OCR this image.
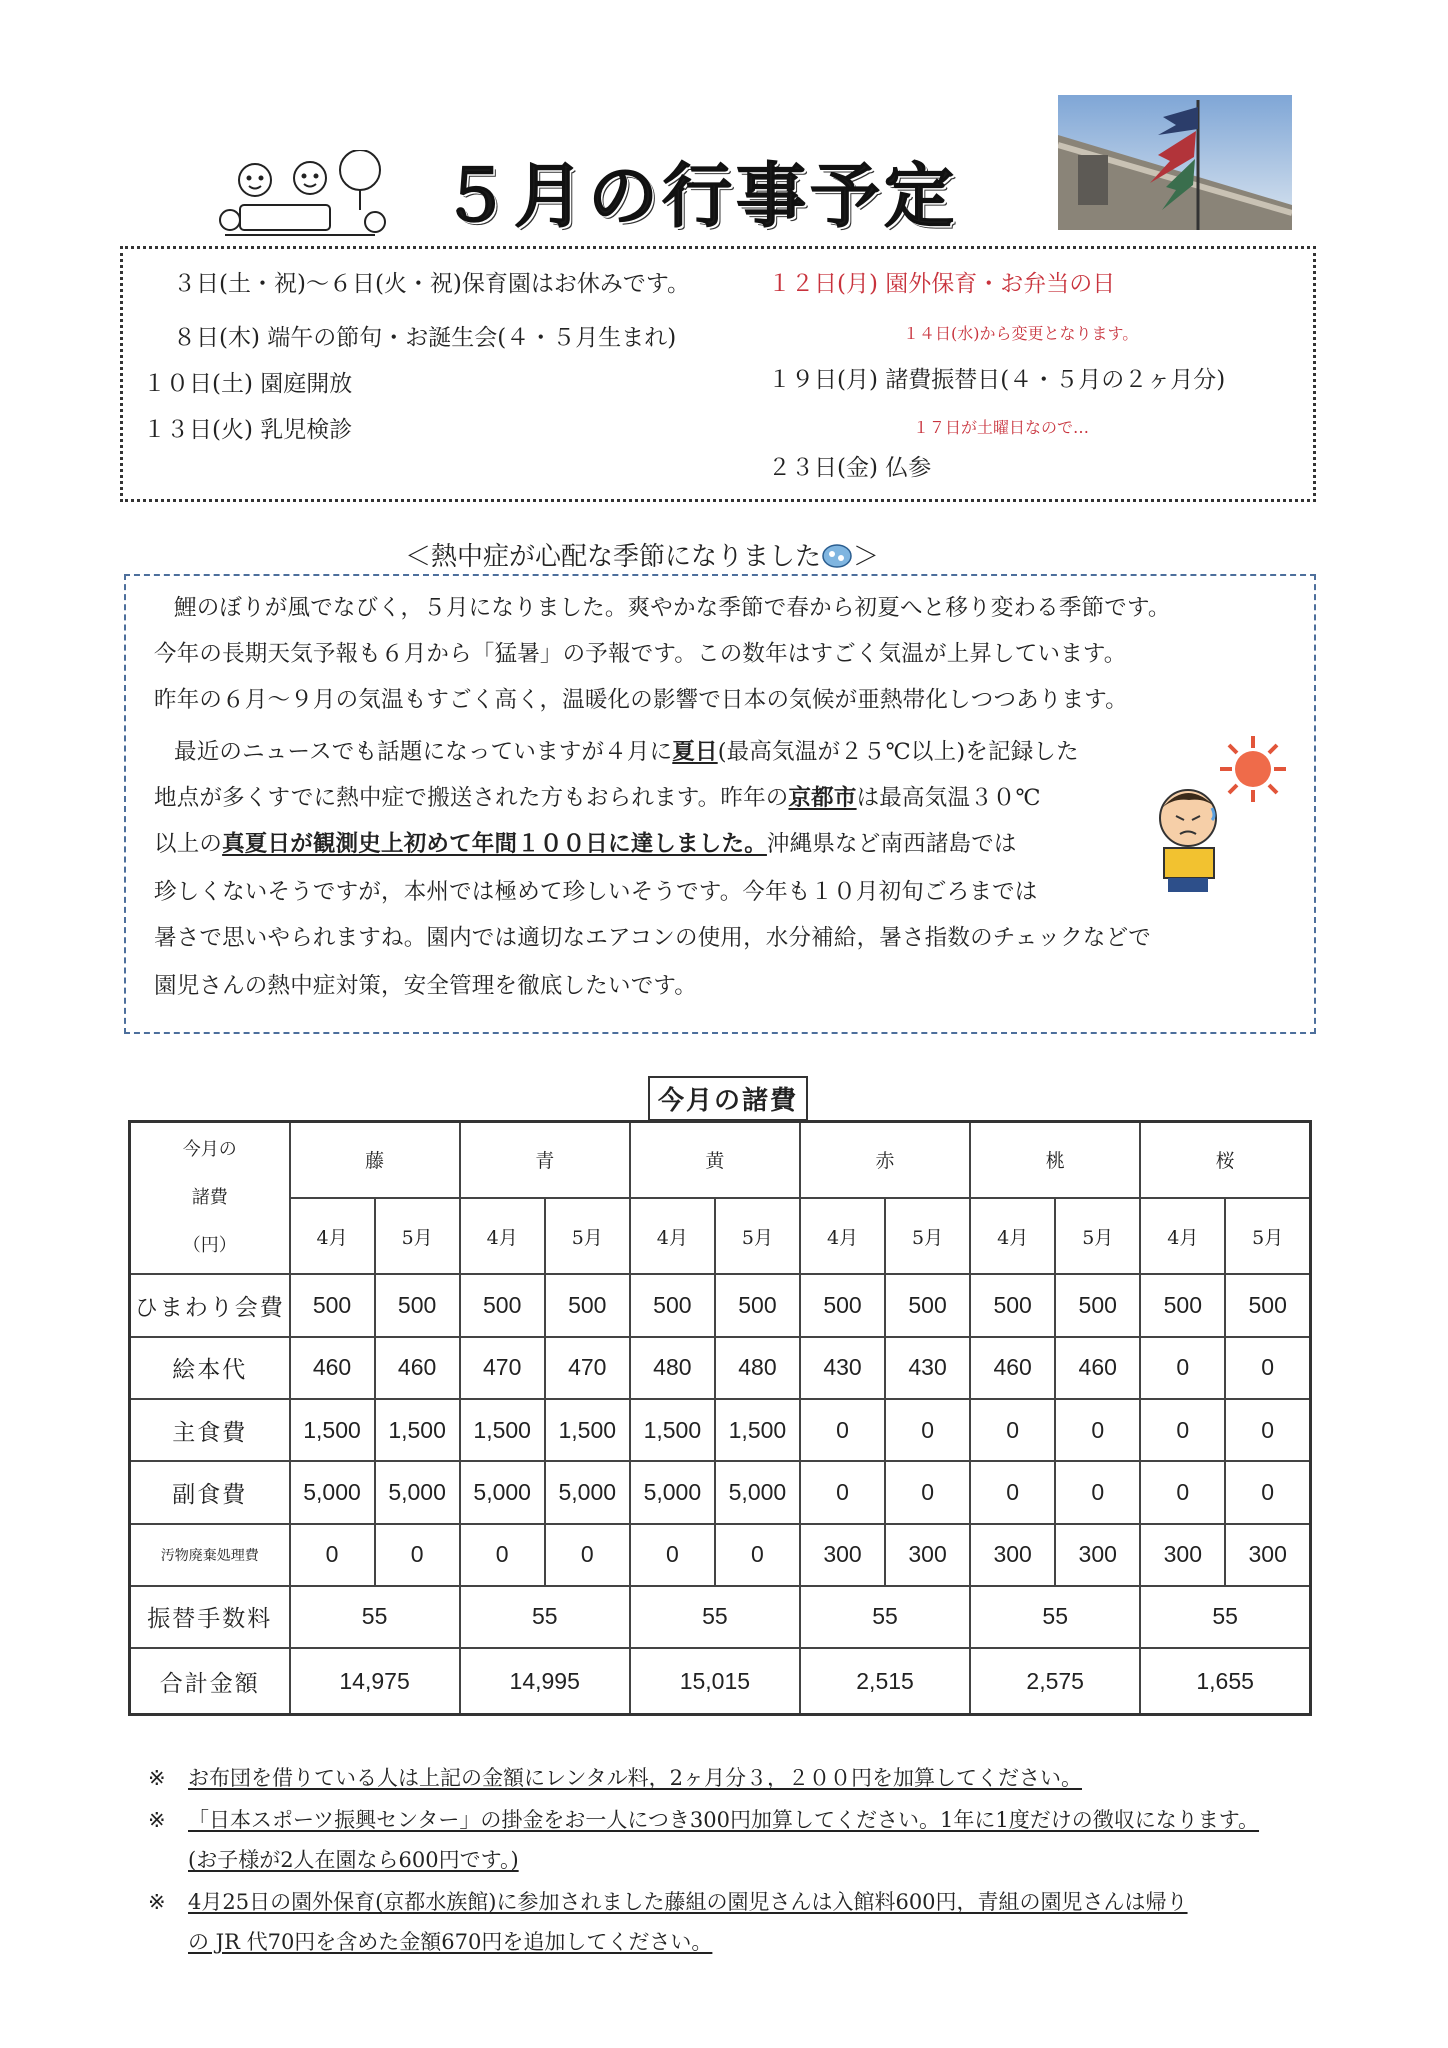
５月の行事予定
３日(土・祝)～６日(火・祝)保育園はお休みです。
８日(木) 端午の節句・お誕生会(４・５月生まれ)
１０日(土) 園庭開放
１３日(火) 乳児検診
１２日(月) 園外保育・お弁当の日
１４日(水)から変更となります。
１９日(月) 諸費振替日(４・５月の２ヶ月分)
１７日が土曜日なので…
２３日(金) 仏参
＜熱中症が心配な季節になりました ＞
鯉のぼりが風でなびく，５月になりました。爽やかな季節で春から初夏へと移り変わる季節です。
今年の長期天気予報も６月から「猛暑」の予報です。この数年はすごく気温が上昇しています。
昨年の６月～９月の気温もすごく高く，温暖化の影響で日本の気候が亜熱帯化しつつあります。
最近のニュースでも話題になっていますが４月に夏日(最高気温が２５℃以上)を記録した
地点が多くすでに熱中症で搬送された方もおられます。昨年の京都市は最高気温３０℃
以上の真夏日が観測史上初めて年間１００日に達しました。沖縄県など南西諸島では
珍しくないそうですが，本州では極めて珍しいそうです。今年も１０月初旬ごろまでは
暑さで思いやられますね。園内では適切なエアコンの使用，水分補給，暑さ指数のチェックなどで
園児さんの熱中症対策，安全管理を徹底したいです。
今月の諸費
今月の
諸費
（円）	藤		青		黄		赤		桃		桜	
	4月	5月	4月	5月	4月	5月	4月	5月	4月	5月	4月	5月
ひまわり会費	500	500	500	500	500	500	500	500	500	500	500	500
絵本代	460	460	470	470	480	480	430	430	460	460	0	0
主食費	1,500	1,500	1,500	1,500	1,500	1,500	0	0	0	0	0	0
副食費	5,000	5,000	5,000	5,000	5,000	5,000	0	0	0	0	0	0
汚物廃棄処理費	0	0	0	0	0	0	300	300	300	300	300	300
振替手数料	55		55		55		55		55		55	
合計金額	14,975		14,995		15,015		2,515		2,575		1,655	
※ お布団を借りている人は上記の金額にレンタル料，2ヶ月分３，２００円を加算してください。
※ 「日本スポーツ振興センター」の掛金をお一人につき300円加算してください。1年に1度だけの徴収になります。
(お子様が2人在園なら600円です。)
※ 4月25日の園外保育(京都水族館)に参加されました藤組の園児さんは入館料600円，青組の園児さんは帰り
の JR 代70円を含めた金額670円を追加してください。
